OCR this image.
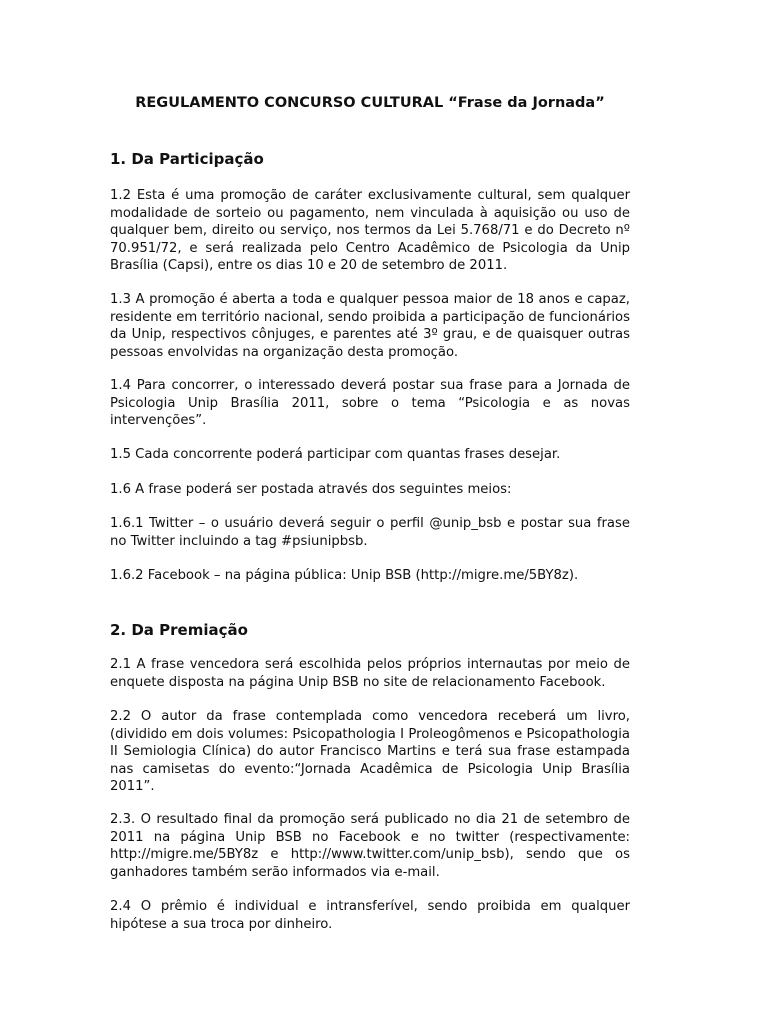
REGULAMENTO CONCURSO CULTURAL “Frase da Jornada”
1. Da Participação

1.2 Esta é uma promoção de caráter exclusivamente cultural, sem qualquer modalidade de sorteio ou pagamento, nem vinculada à aquisição ou uso de qualquer bem, direito ou serviço, nos termos da Lei 5.768/71 e do Decreto nº 70.951/72, e será realizada pelo Centro Acadêmico de Psicologia da Unip Brasília (Capsi), entre os dias 10 e 20 de setembro de 2011.

1.3 A promoção é aberta a toda e qualquer pessoa maior de 18 anos e capaz, residente em território nacional, sendo proibida a participação de funcionários da Unip, respectivos cônjuges, e parentes até 3º grau, e de quaisquer outras pessoas envolvidas na organização desta promoção.

1.4 Para concorrer, o interessado deverá postar sua frase para a Jornada de Psicologia Unip Brasília 2011, sobre o tema “Psicologia e as novas intervenções”.

1.5 Cada concorrente poderá participar com quantas frases desejar.

1.6 A frase poderá ser postada através dos seguintes meios:

1.6.1 Twitter – o usuário deverá seguir o perfil @unip_bsb e postar sua frase no Twitter incluindo a tag #psiunipbsb.

1.6.2 Facebook – na página pública: Unip BSB (http://migre.me/5BY8z).

2. Da Premiação

2.1 A frase vencedora será escolhida pelos próprios internautas por meio de enquete disposta na página Unip BSB no site de relacionamento Facebook.

2.2 O autor da frase contemplada como vencedora receberá um livro, (dividido em dois volumes: Psicopathologia I Proleogômenos e Psicopathologia II Semiologia Clínica) do autor Francisco Martins e terá sua frase estampada nas camisetas do evento:“Jornada Acadêmica de Psicologia Unip Brasília 2011”.

2.3. O resultado final da promoção será publicado no dia 21 de setembro de 2011 na página Unip BSB no Facebook e no twitter (respectivamente: http://migre.me/5BY8z e http://www.twitter.com/unip_bsb), sendo que os ganhadores também serão informados via e-mail.

2.4 O prêmio é individual e intransferível, sendo proibida em qualquer hipótese a sua troca por dinheiro.
